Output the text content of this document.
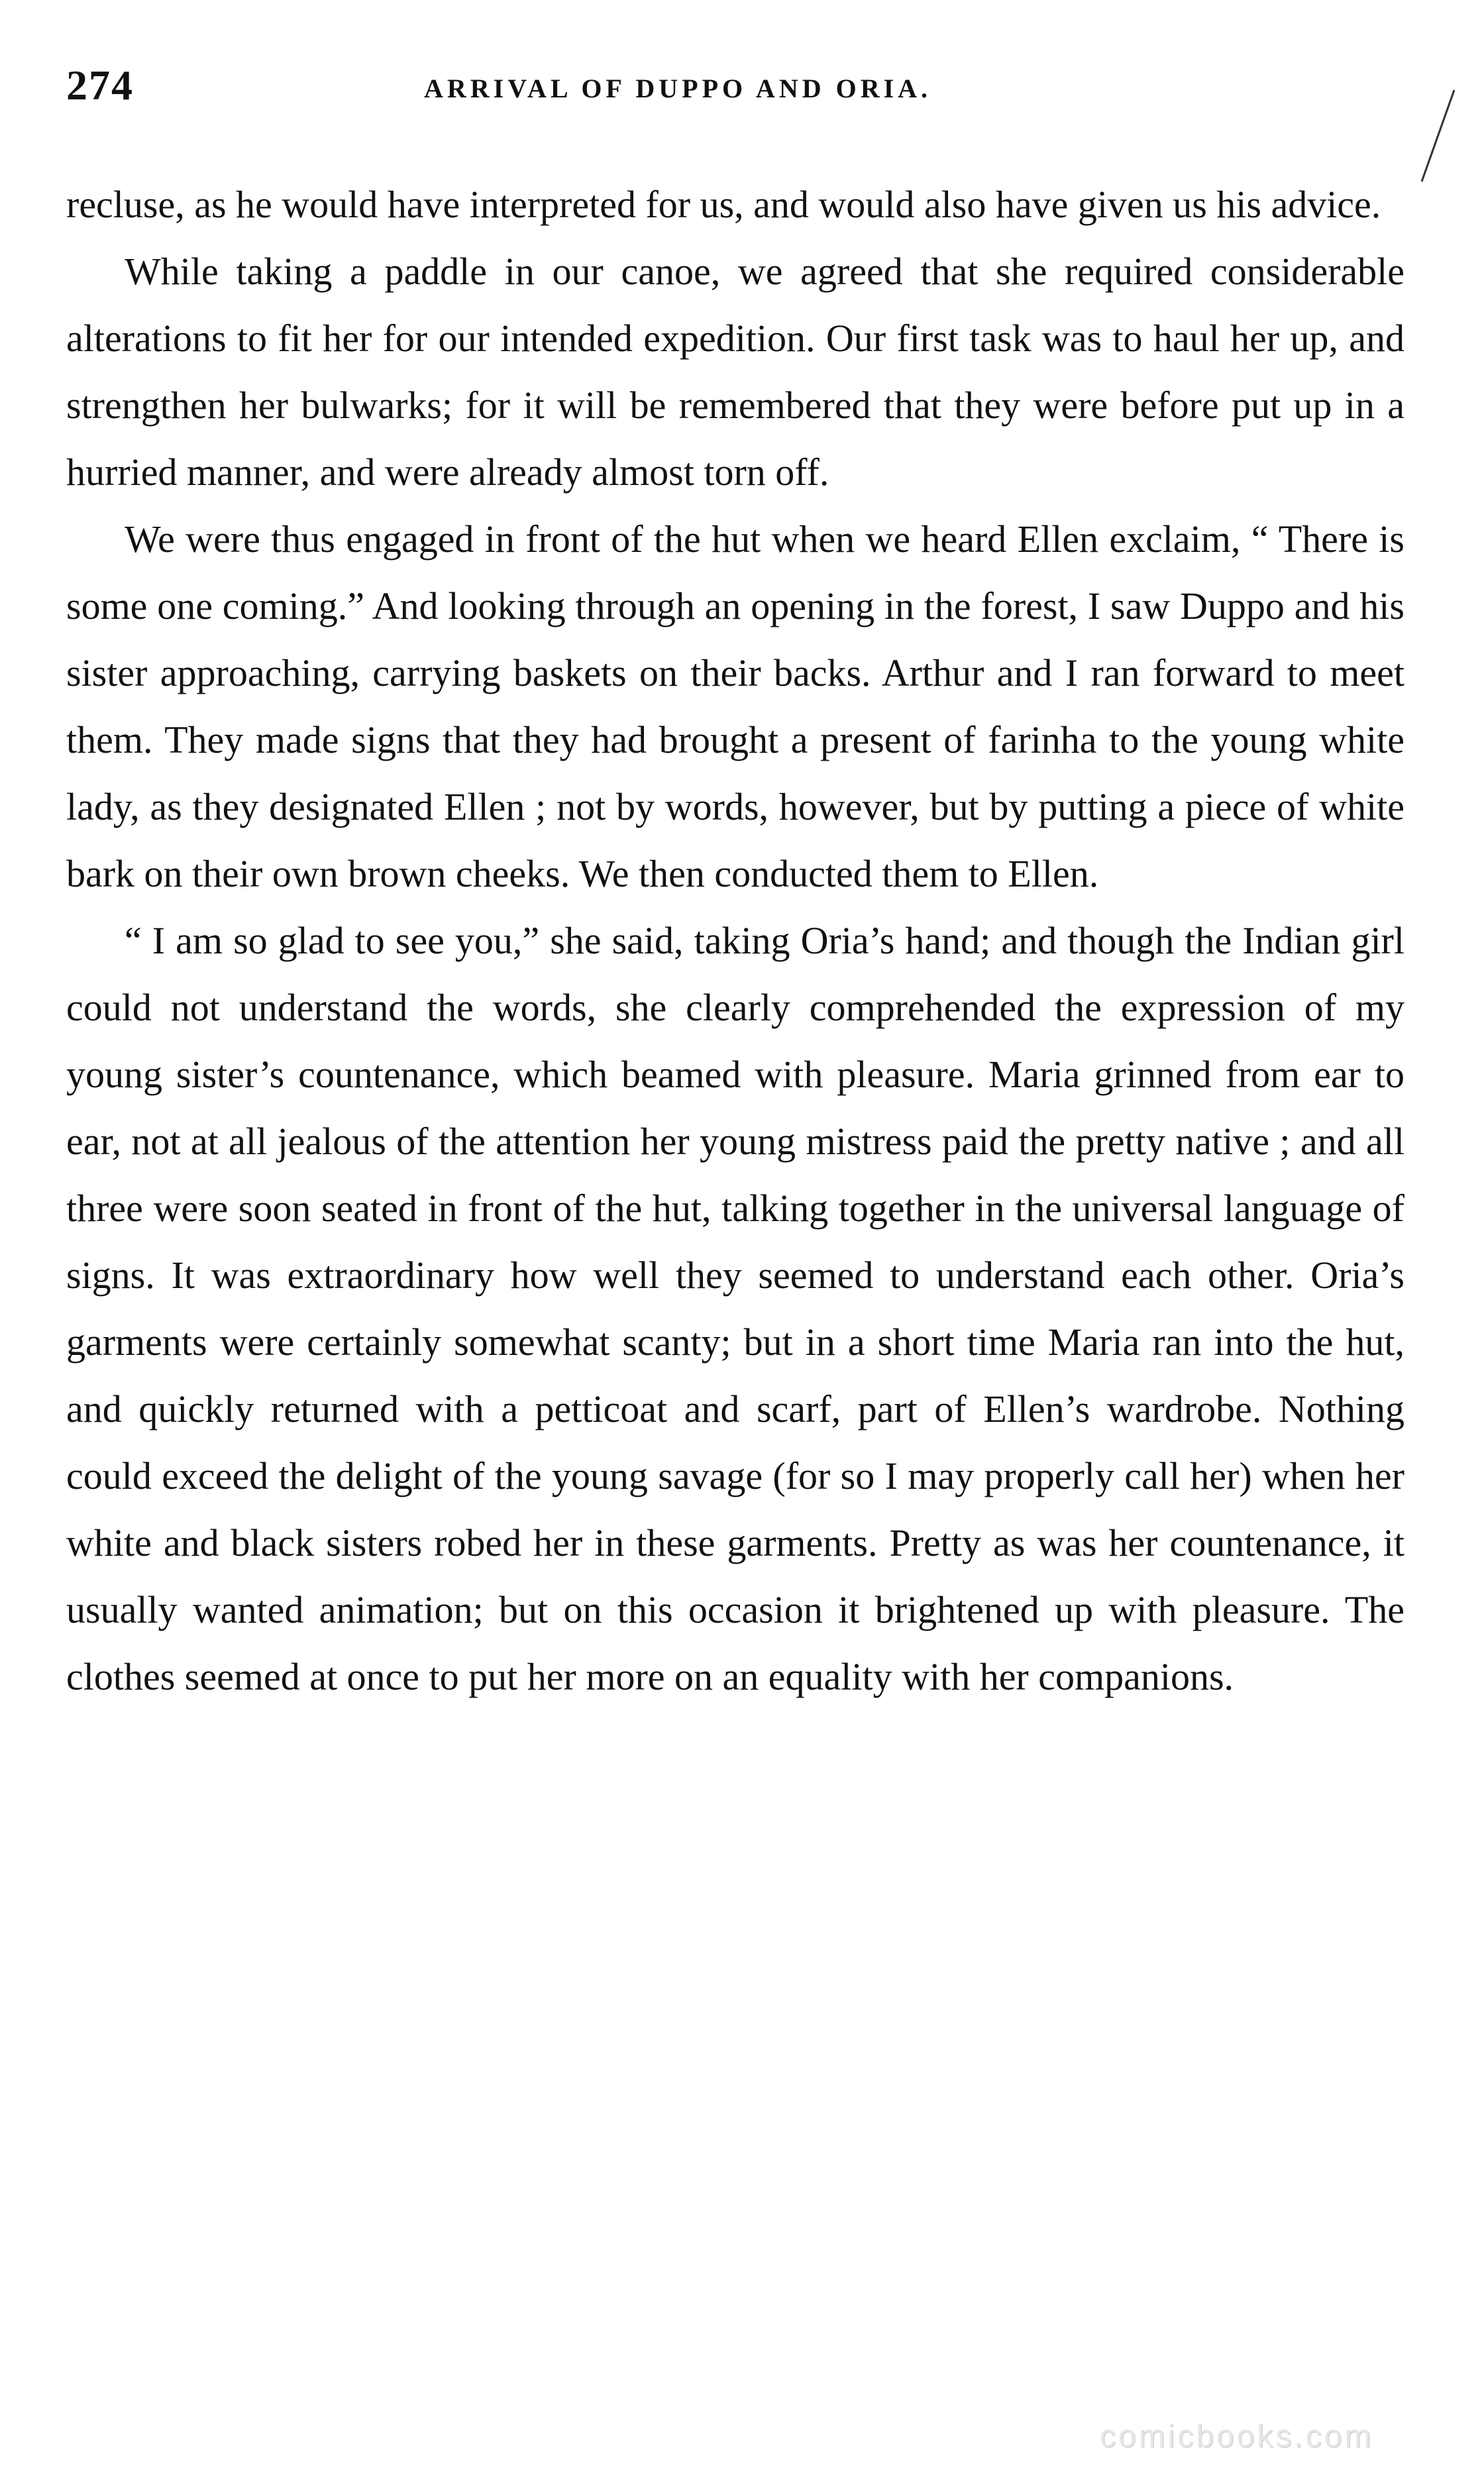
274	ARRIVAL OF DUPPO AND ORIA.

recluse, as he would have interpreted for us, and would also have given us his advice.

While taking a paddle in our canoe, we agreed that she required considerable alterations to fit her for our intended expedition. Our first task was to haul her up, and strengthen her bulwarks; for it will be remembered that they were before put up in a hurried manner, and were already almost torn off.

We were thus engaged in front of the hut when we heard Ellen exclaim, “ There is some one coming.” And looking through an opening in the forest, I saw Duppo and his sister approaching, carrying baskets on their backs. Arthur and I ran forward to meet them. They made signs that they had brought a present of farinha to the young white lady, as they designated Ellen ; not by words, however, but by putting a piece of white bark on their own brown cheeks. We then conducted them to Ellen.

“ I am so glad to see you,” she said, taking Oria’s hand; and though the Indian girl could not understand the words, she clearly comprehended the expression of my young sister’s countenance, which beamed with pleasure. Maria grinned from ear to ear, not at all jealous of the attention her young mistress paid the pretty native ; and all three were soon seated in front of the hut, talking together in the universal language of signs. It was extraordinary how well they seemed to understand each other. Oria’s garments were certainly somewhat scanty; but in a short time Maria ran into the hut, and quickly returned with a petticoat and scarf, part of Ellen’s wardrobe. Nothing could exceed the delight of the young savage (for so I may properly call her) when her white and black sisters robed her in these garments. Pretty as was her countenance, it usually wanted animation; but on this occasion it brightened up with pleasure. The clothes seemed at once to put her more on an equality with her companions.

comicbooks.com
